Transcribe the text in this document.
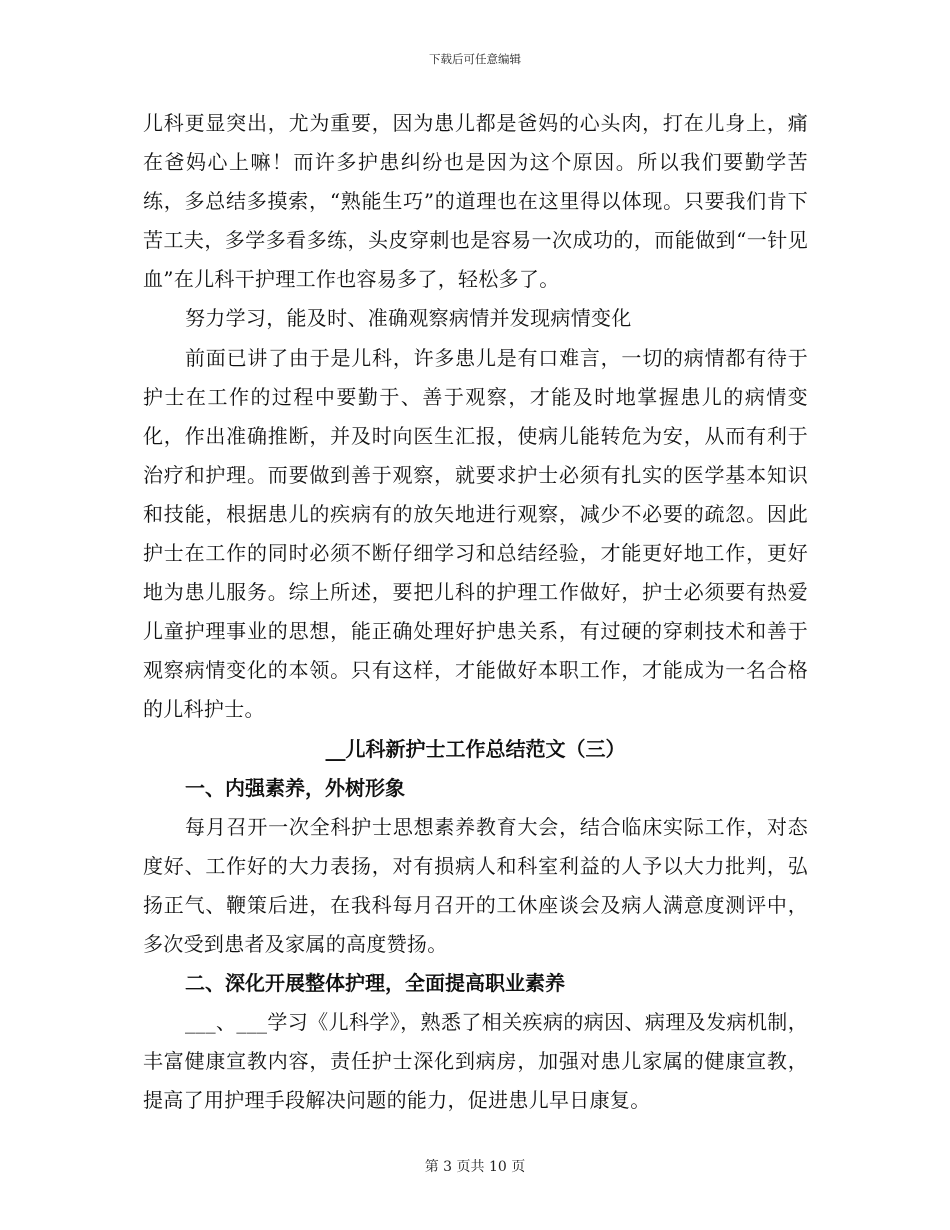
下载后可任意编辑

儿科更显突出，尤为重要，因为患儿都是爸妈的心头肉，打在儿身上，痛在爸妈心上嘛！而许多护患纠纷也是因为这个原因。所以我们要勤学苦练，多总结多摸索，“熟能生巧”的道理也在这里得以体现。只要我们肯下苦工夫，多学多看多练，头皮穿刺也是容易一次成功的，而能做到“一针见血”在儿科干护理工作也容易多了，轻松多了。

努力学习，能及时、准确观察病情并发现病情变化

前面已讲了由于是儿科，许多患儿是有口难言，一切的病情都有待于护士在工作的过程中要勤于、善于观察，才能及时地掌握患儿的病情变化，作出准确推断，并及时向医生汇报，使病儿能转危为安，从而有利于治疗和护理。而要做到善于观察，就要求护士必须有扎实的医学基本知识和技能，根据患儿的疾病有的放矢地进行观察，减少不必要的疏忽。因此护士在工作的同时必须不断仔细学习和总结经验，才能更好地工作，更好地为患儿服务。综上所述，要把儿科的护理工作做好，护士必须要有热爱儿童护理事业的思想，能正确处理好护患关系，有过硬的穿刺技术和善于观察病情变化的本领。只有这样，才能做好本职工作，才能成为一名合格的儿科护士。

__儿科新护士工作总结范文（三）

一、内强素养，外树形象

每月召开一次全科护士思想素养教育大会，结合临床实际工作，对态度好、工作好的大力表扬，对有损病人和科室利益的人予以大力批判，弘扬正气、鞭策后进，在我科每月召开的工休座谈会及病人满意度测评中，多次受到患者及家属的高度赞扬。

二、深化开展整体护理，全面提高职业素养

___、___学习《儿科学》，熟悉了相关疾病的病因、病理及发病机制，丰富健康宣教内容，责任护士深化到病房，加强对患儿家属的健康宣教，提高了用护理手段解决问题的能力，促进患儿早日康复。

第 3 页共 10 页
